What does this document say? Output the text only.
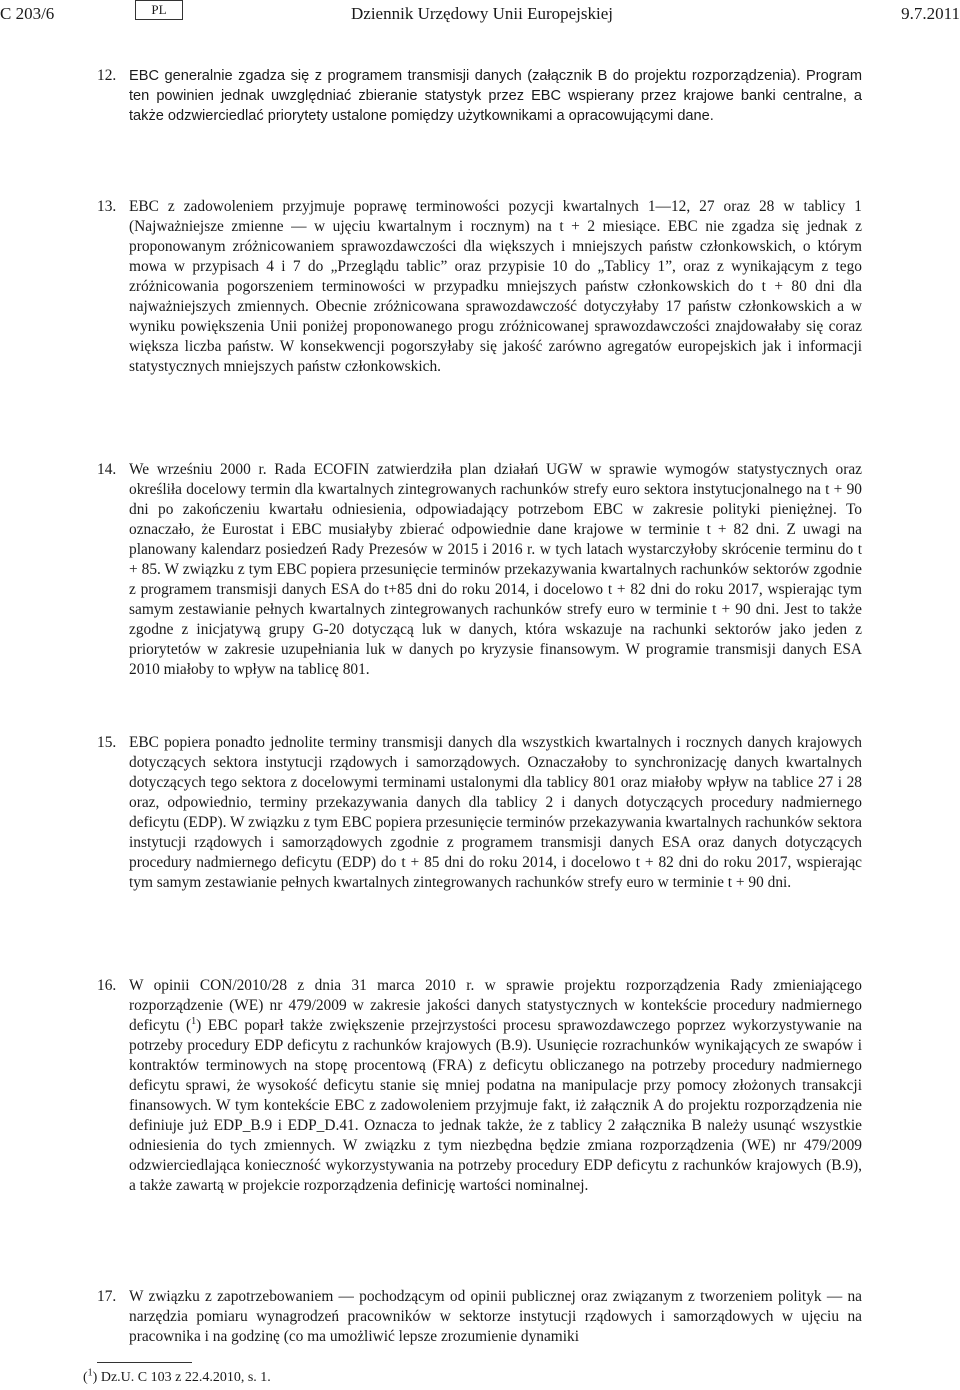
C 203/6	PL	Dziennik Urzędowy Unii Europejskiej	9.7.2011
12. EBC generalnie zgadza się z programem transmisji danych (załącznik B do projektu rozporządzenia). Program ten powinien jednak uwzględniać zbieranie statystyk przez EBC wspierany przez krajowe banki centralne, a także odzwierciedlać priorytety ustalone pomiędzy użytkownikami a opracowującymi dane.
13. EBC z zadowoleniem przyjmuje poprawę terminowości pozycji kwartalnych 1—12, 27 oraz 28 w tablicy 1 (Najważniejsze zmienne — w ujęciu kwartalnym i rocznym) na t + 2 miesiące. EBC nie zgadza się jednak z proponowanym zróżnicowaniem sprawozdawczości dla większych i mniejszych państw członkowskich, o którym mowa w przypisach 4 i 7 do „Przeglądu tablic” oraz przypisie 10 do „Tablicy 1”, oraz z wynikającym z tego zróżnicowania pogorszeniem terminowości w przypadku mniejszych państw członkowskich do t + 80 dni dla najważniejszych zmiennych. Obecnie zróżnicowana sprawozdawczość dotyczyłaby 17 państw członkowskich a w wyniku powiększenia Unii poniżej proponowanego progu zróżnicowanej sprawozdawczości znajdowałaby się coraz większa liczba państw. W konsekwencji pogorszyłaby się jakość zarówno agregatów europejskich jak i informacji statystycznych mniejszych państw członkowskich.
14. We wrześniu 2000 r. Rada ECOFIN zatwierdziła plan działań UGW w sprawie wymogów statystycznych oraz określiła docelowy termin dla kwartalnych zintegrowanych rachunków strefy euro sektora instytucjonalnego na t + 90 dni po zakończeniu kwartału odniesienia, odpowiadający potrzebom EBC w zakresie polityki pieniężnej. To oznaczało, że Eurostat i EBC musiałyby zbierać odpowiednie dane krajowe w terminie t + 82 dni. Z uwagi na planowany kalendarz posiedzeń Rady Prezesów w 2015 i 2016 r. w tych latach wystarczyłoby skrócenie terminu do t + 85. W związku z tym EBC popiera przesunięcie terminów przekazywania kwartalnych rachunków sektorów zgodnie z programem transmisji danych ESA do t+85 dni do roku 2014, i docelowo t + 82 dni do roku 2017, wspierając tym samym zestawianie pełnych kwartalnych zintegrowanych rachunków strefy euro w terminie t + 90 dni. Jest to także zgodne z inicjatywą grupy G-20 dotyczącą luk w danych, która wskazuje na rachunki sektorów jako jeden z priorytetów w zakresie uzupełniania luk w danych po kryzysie finansowym. W programie transmisji danych ESA 2010 miałoby to wpływ na tablicę 801.
15. EBC popiera ponadto jednolite terminy transmisji danych dla wszystkich kwartalnych i rocznych danych krajowych dotyczących sektora instytucji rządowych i samorządowych. Oznaczałoby to synchronizację danych kwartalnych dotyczących tego sektora z docelowymi terminami ustalonymi dla tablicy 801 oraz miałoby wpływ na tablice 27 i 28 oraz, odpowiednio, terminy przekazywania danych dla tablicy 2 i danych dotyczących procedury nadmiernego deficytu (EDP). W związku z tym EBC popiera przesunięcie terminów przekazywania kwartalnych rachunków sektora instytucji rządowych i samorządowych zgodnie z programem transmisji danych ESA oraz danych dotyczących procedury nadmiernego deficytu (EDP) do t + 85 dni do roku 2014, i docelowo t + 82 dni do roku 2017, wspierając tym samym zestawianie pełnych kwartalnych zintegrowanych rachunków strefy euro w terminie t + 90 dni.
16. W opinii CON/2010/28 z dnia 31 marca 2010 r. w sprawie projektu rozporządzenia Rady zmieniającego rozporządzenie (WE) nr 479/2009 w zakresie jakości danych statystycznych w kontekście procedury nadmiernego deficytu ($^1$) EBC poparł także zwiększenie przejrzystości procesu sprawozdawczego poprzez wykorzystywanie na potrzeby procedury EDP deficytu z rachunków krajowych (B.9). Usunięcie rozrachunków wynikających ze swapów i kontraktów terminowych na stopę procentową (FRA) z deficytu obliczanego na potrzeby procedury nadmiernego deficytu sprawi, że wysokość deficytu stanie się mniej podatna na manipulacje przy pomocy złożonych transakcji finansowych. W tym kontekście EBC z zadowoleniem przyjmuje fakt, iż załącznik A do projektu rozporządzenia nie definiuje już EDP_B.9 i EDP_D.41. Oznacza to jednak także, że z tablicy 2 załącznika B należy usunąć wszystkie odniesienia do tych zmiennych. W związku z tym niezbędna będzie zmiana rozporządzenia (WE) nr 479/2009 odzwierciedlająca konieczność wykorzystywania na potrzeby procedury EDP deficytu z rachunków krajowych (B.9), a także zawartą w projekcie rozporządzenia definicję wartości nominalnej.
17. W związku z zapotrzebowaniem — pochodzącym od opinii publicznej oraz związanym z tworzeniem polityk — na narzędzia pomiaru wynagrodzeń pracowników w sektorze instytucji rządowych i samorządowych w ujęciu na pracownika i na godzinę (co ma umożliwić lepsze zrozumienie dynamiki
($^1$) Dz.U. C 103 z 22.4.2010, s. 1.
